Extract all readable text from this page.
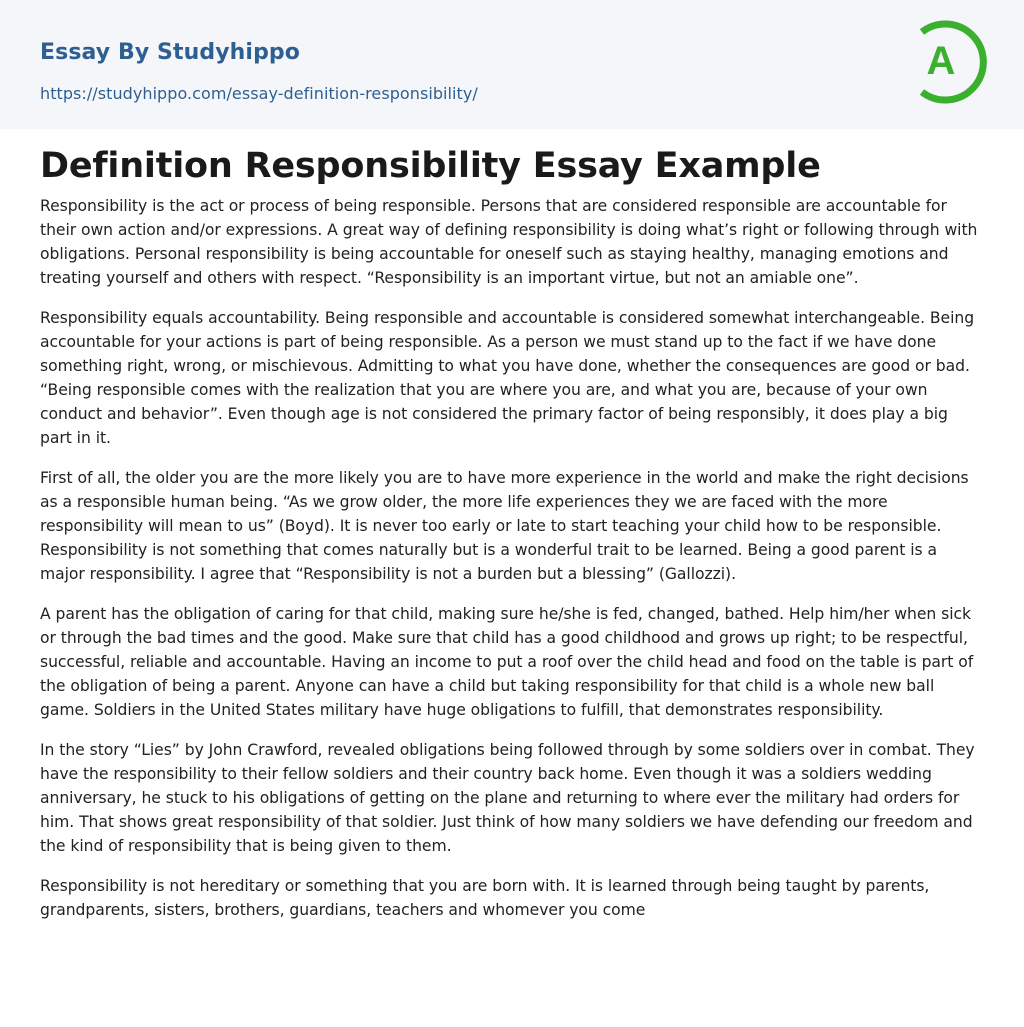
Essay By Studyhippo
https://studyhippo.com/essay-definition-responsibility/
A
Definition Responsibility Essay Example

Responsibility is the act or process of being responsible. Persons that are considered responsible are accountable for their own action and/or expressions. A great way of defining responsibility is doing what’s right or following through with obligations. Personal responsibility is being accountable for oneself such as staying healthy, managing emotions and treating yourself and others with respect. “Responsibility is an important virtue, but not an amiable one”.

Responsibility equals accountability. Being responsible and accountable is considered somewhat interchangeable. Being accountable for your actions is part of being responsible. As a person we must stand up to the fact if we have done something right, wrong, or mischievous. Admitting to what you have done, whether the consequences are good or bad. “Being responsible comes with the realization that you are where you are, and what you are, because of your own conduct and behavior”. Even though age is not considered the primary factor of being responsibly, it does play a big part in it.

First of all, the older you are the more likely you are to have more experience in the world and make the right decisions as a responsible human being. “As we grow older, the more life experiences they we are faced with the more responsibility will mean to us” (Boyd). It is never too early or late to start teaching your child how to be responsible. Responsibility is not something that comes naturally but is a wonderful trait to be learned. Being a good parent is a major responsibility. I agree that “Responsibility is not a burden but a blessing” (Gallozzi).

A parent has the obligation of caring for that child, making sure he/she is fed, changed, bathed. Help him/her when sick or through the bad times and the good. Make sure that child has a good childhood and grows up right; to be respectful, successful, reliable and accountable. Having an income to put a roof over the child head and food on the table is part of the obligation of being a parent. Anyone can have a child but taking responsibility for that child is a whole new ball game. Soldiers in the United States military have huge obligations to fulfill, that demonstrates responsibility.

In the story “Lies” by John Crawford, revealed obligations being followed through by some soldiers over in combat. They have the responsibility to their fellow soldiers and their country back home. Even though it was a soldiers wedding anniversary, he stuck to his obligations of getting on the plane and returning to where ever the military had orders for him. That shows great responsibility of that soldier. Just think of how many soldiers we have defending our freedom and the kind of responsibility that is being given to them.

Responsibility is not hereditary or something that you are born with. It is learned through being taught by parents, grandparents, sisters, brothers, guardians, teachers and whomever you come
